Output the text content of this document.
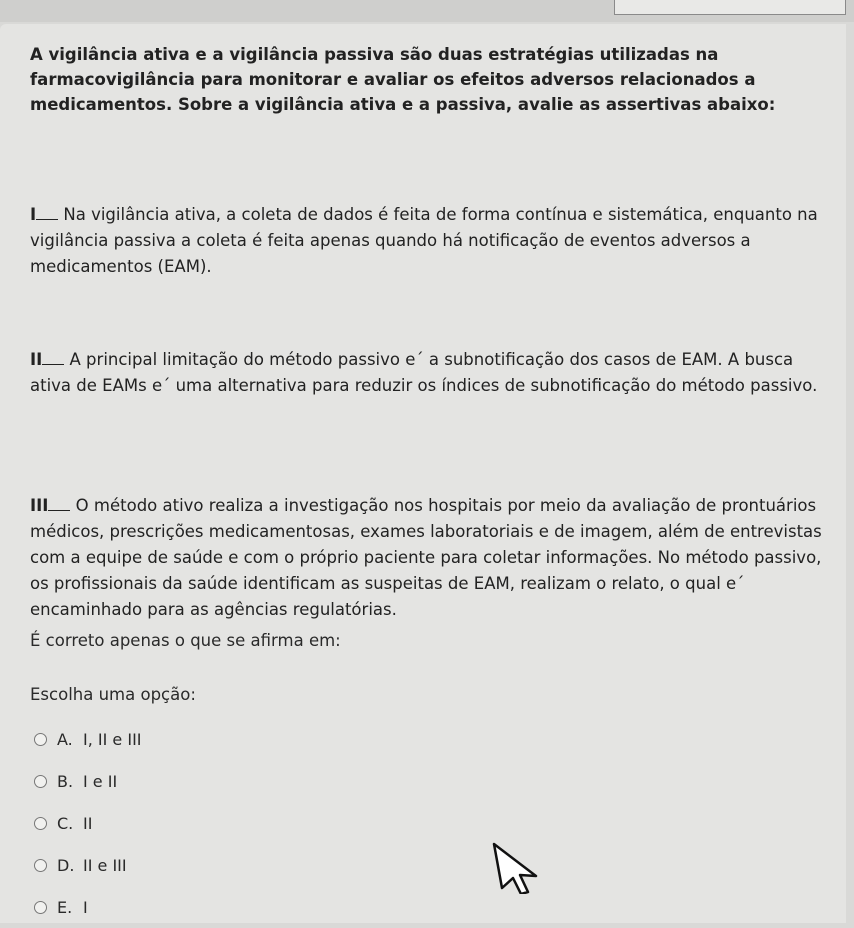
A vigilância ativa e a vigilância passiva são duas estratégias utilizadas na farmacovigilância para monitorar e avaliar os efeitos adversos relacionados a medicamentos. Sobre a vigilância ativa e a passiva, avalie as assertivas abaixo:

I Na vigilância ativa, a coleta de dados é feita de forma contínua e sistemática, enquanto na vigilância passiva a coleta é feita apenas quando há notificação de eventos adversos a medicamentos (EAM).

II A principal limitação do método passivo e´ a subnotificação dos casos de EAM. A busca ativa de EAMs e´ uma alternativa para reduzir os índices de subnotificação do método passivo.

III O método ativo realiza a investigação nos hospitais por meio da avaliação de prontuários médicos, prescrições medicamentosas, exames laboratoriais e de imagem, além de entrevistas com a equipe de saúde e com o próprio paciente para coletar informações. No método passivo, os profissionais da saúde identificam as suspeitas de EAM, realizam o relato, o qual e´ encaminhado para as agências regulatórias.

É correto apenas o que se afirma em:

Escolha uma opção:

A. I, II e III
B. I e II
C. II
D. II e III
E. I
